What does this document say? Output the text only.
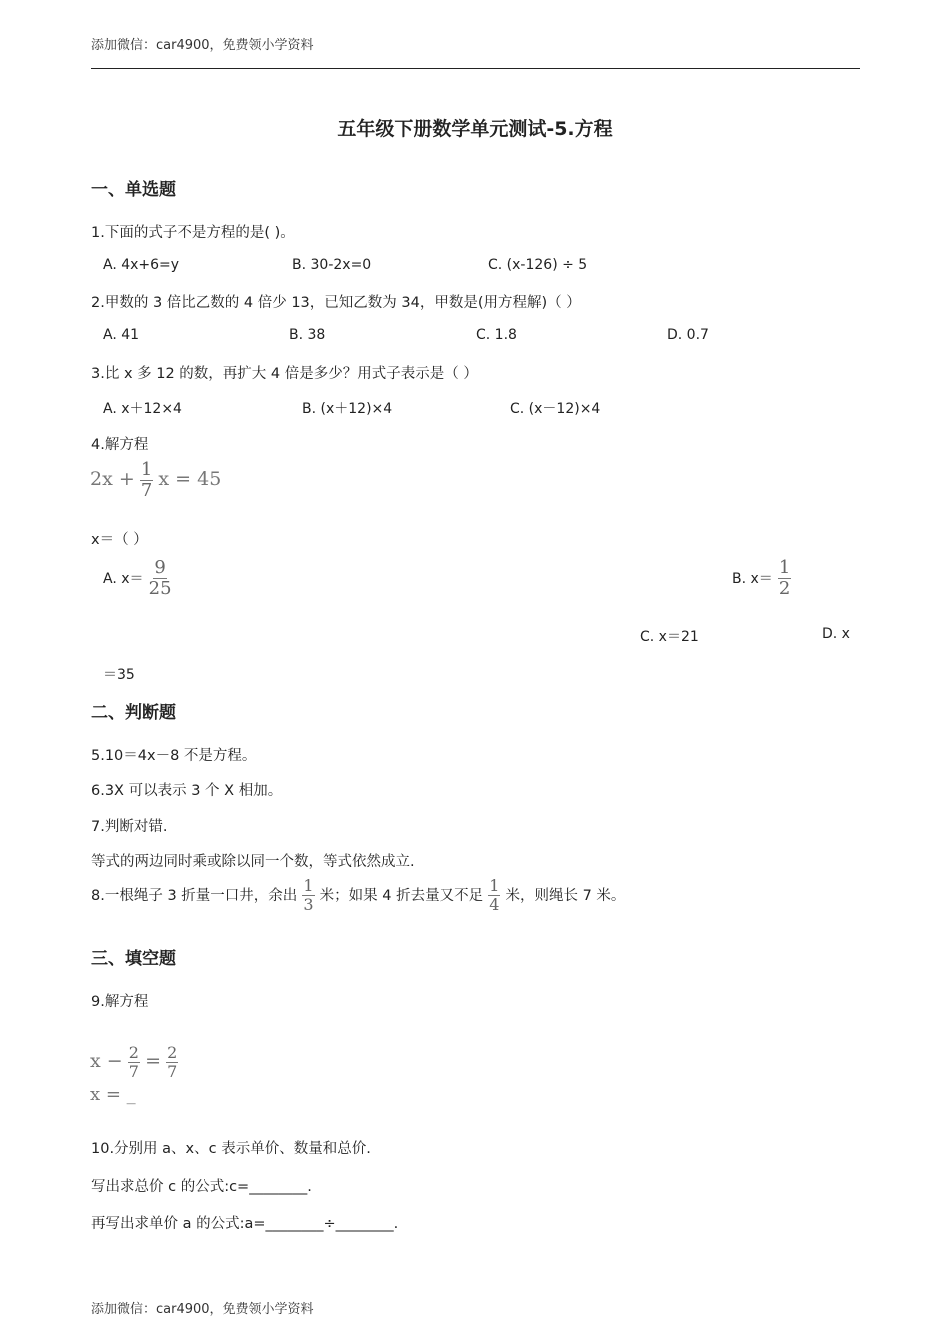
添加微信：car4900，免费领小学资料
五年级下册数学单元测试-5.方程
一、单选题
1.下面的式子不是方程的是( )。
A. 4x+6=y	B. 30-2x=0	C. (x-126) ÷ 5
2.甲数的 3 倍比乙数的 4 倍少 13，已知乙数为 34，甲数是(用方程解)（ ）
A. 41	B. 38	C. 1.8	D. 0.7
3.比 x 多 12 的数，再扩大 4 倍是多少？用式子表示是（ ）
A. x＋12×4	B. (x＋12)×4	C. (x－12)×4
4.解方程
$2x + \frac{1}{7}$ x = 45
x＝（ ）
A. $x= \frac{9}{25}$	B. $x= \frac{1}{2}$
C. x＝21	D. x
＝35
二、判断题
5.10＝4x－8 不是方程。
6.3X 可以表示 3 个 X 相加。
7.判断对错.
等式的两边同时乘或除以同一个数，等式依然成立.
8.一根绳子 3 折量一口井，余出 $\frac{1}{3}$ 米；如果 4 折去量又不足 $\frac{1}{4}$ 米，则绳长 7 米。
三、填空题
9.解方程
$x - \frac{2}{7} = \frac{2}{7}$
x = _
10.分别用 a、x、c 表示单价、数量和总价.
写出求总价 c 的公式:c=________.
再写出求单价 a 的公式:a=________÷________.
添加微信：car4900，免费领小学资料
